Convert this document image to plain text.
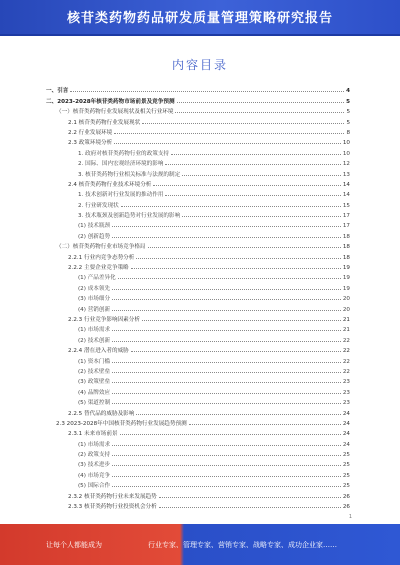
核苷类药物药品研发质量管理策略研究报告
内容目录
一、引言	4
二、2023-2028年核苷类药物市场前景及竞争预测	5
（一）核苷类药物行业发展现状及相关行业环境	5
2.1 核苷类药物行业发展现状	5
2.2 行业发展环境	8
2.3 政策环境分析	10
1. 政府对核苷类药物行业的政策支持	10
2. 国际、国内宏观经济环境的影响	12
3. 核苷类药物行业相关标准与法规的制定	13
2.4 核苷类药物行业技术环境分析	14
1. 技术创新对行业发展的推动作用	14
2. 行业研发现状	15
3. 技术瓶颈及创新趋势对行业发展的影响	17
(1) 技术瓶颈	17
(2) 创新趋势	18
（二）核苷类药物行业市场竞争格局	18
2.2.1 行业内竞争态势分析	18
2.2.2 主要企业竞争策略	19
(1) 产品差异化	19
(2) 成本领先	19
(3) 市场细分	20
(4) 营销创新	20
2.2.3 行业竞争影响因素分析	21
(1) 市场需求	21
(2) 技术创新	22
2.2.4 潜在进入者的威胁	22
(1) 资本门槛	22
(2) 技术壁垒	22
(3) 政策壁垒	23
(4) 品牌效应	23
(5) 渠道控制	23
2.2.5 替代品的威胁及影响	24
2.3 2023-2028年中国核苷类药物行业发展趋势预测	24
2.3.1 未来市场前景	24
(1) 市场需求	24
(2) 政策支持	25
(3) 技术进步	25
(4) 市场竞争	25
(5) 国际合作	25
2.3.2 核苷类药物行业未来发展趋势	26
2.3.3 核苷类药物行业投资机会分析	26
1
让每个人都能成为	行业专家、管理专家、营销专家、战略专家、成功企业家……
